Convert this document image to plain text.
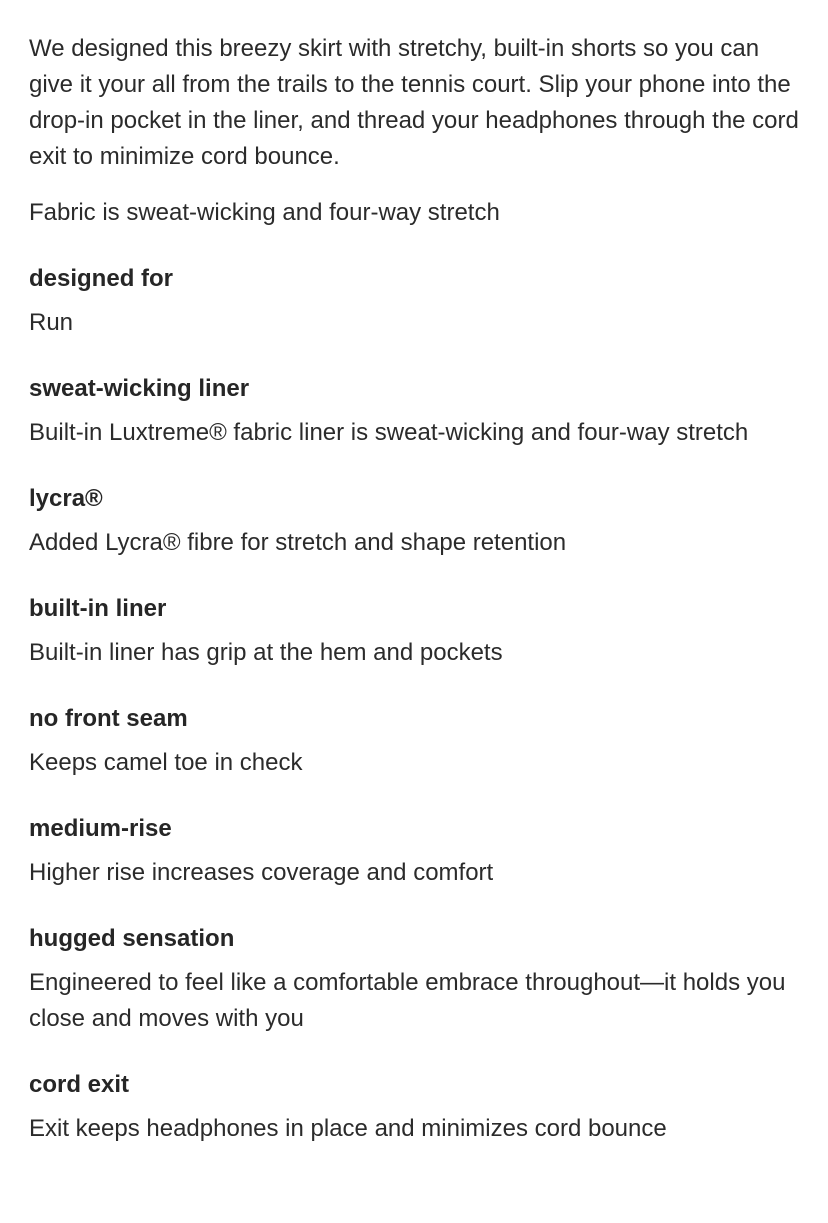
We designed this breezy skirt with stretchy, built-in shorts so you can give it your all from the trails to the tennis court. Slip your phone into the drop-in pocket in the liner, and thread your headphones through the cord exit to minimize cord bounce.

Fabric is sweat-wicking and four-way stretch

designed for

Run

sweat-wicking liner

Built-in Luxtreme® fabric liner is sweat-wicking and four-way stretch

lycra®

Added Lycra® fibre for stretch and shape retention

built-in liner

Built-in liner has grip at the hem and pockets

no front seam

Keeps camel toe in check

medium-rise

Higher rise increases coverage and comfort

hugged sensation

Engineered to feel like a comfortable embrace throughout—it holds you close and moves with you

cord exit

Exit keeps headphones in place and minimizes cord bounce
